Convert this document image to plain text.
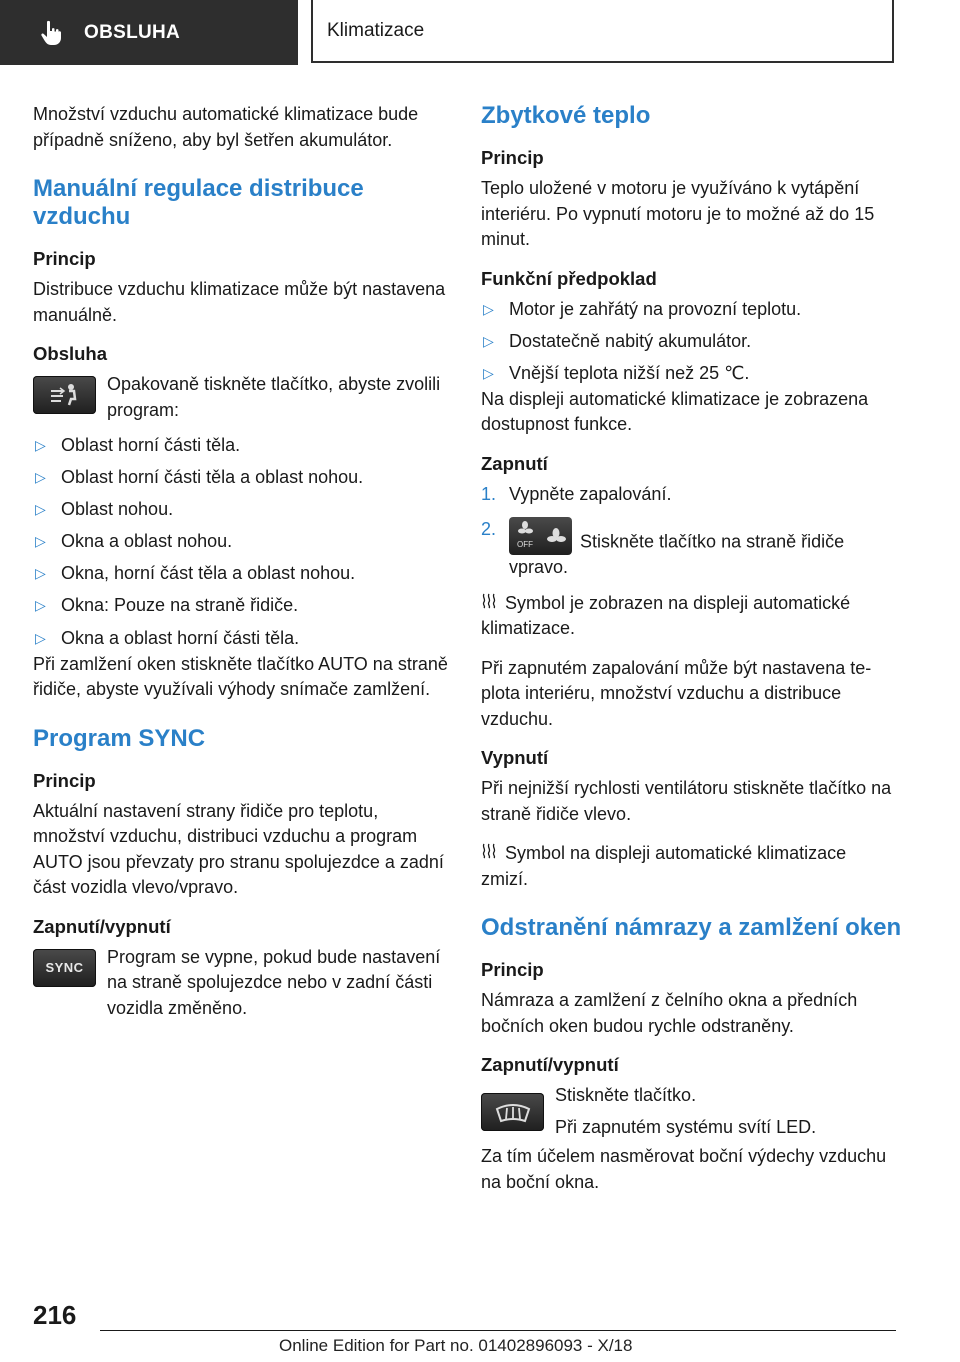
OBSLUHA	Klimatizace

Množství vzduchu automatické klimatizace bude případně sníženo, aby byl šetřen akumulátor.

Manuální regulace distribuce vzduchu
Princip

Distribuce vzduchu klimatizace může být nastavena manuálně.

Obsluha
Opakovaně tiskněte tlačítko, abyste zvolili program:
▷ Oblast horní části těla.
▷ Oblast horní části těla a oblast nohou.
▷ Oblast nohou.
▷ Okna a oblast nohou.
▷ Okna, horní část těla a oblast nohou.
▷ Okna: Pouze na straně řidiče.
▷ Okna a oblast horní části těla.

Při zamlžení oken stiskněte tlačítko AUTO na straně řidiče, abyste využívali výhody snímače zamlžení.

Program SYNC
Princip

Aktuální nastavení strany řidiče pro teplotu, množství vzduchu, distribuci vzduchu a program AUTO jsou převzaty pro stranu spolujezdce a zadní část vozidla vlevo/vpravo.

Zapnutí/vypnutí
SYNC
Program se vypne, pokud bude nastavení na straně spolujezdce nebo v zadní části vozidla změněno.
Zbytkové teplo
Princip

Teplo uložené v motoru je využíváno k vytápění interiéru. Po vypnutí motoru je to možné až do 15 minut.

Funkční předpoklad
▷ Motor je zahřátý na provozní teplotu.
▷ Dostatečně nabitý akumulátor.
▷ Vnější teplota nižší než 25 ℃.

Na displeji automatické klimatizace je zobrazena dostupnost funkce.

Zapnutí
1. Vypněte zapalování.
2.
OFF	Stiskněte tlačítko na straně řidiče vpravo.

Symbol je zobrazen na displeji automatické klimatizace.

Při zapnutém zapalování může být nastavena teplota interiéru, množství vzduchu a distribuce vzduchu.

Vypnutí

Při nejnižší rychlosti ventilátoru stiskněte tlačítko na straně řidiče vlevo.

Symbol na displeji automatické klimatizace zmizí.

Odstranění námrazy a zamlžení oken
Princip

Námraza a zamlžení z čelního okna a předních bočních oken budou rychle odstraněny.

Zapnutí/vypnutí
Stiskněte tlačítko.
Při zapnutém systému svítí LED.

Za tím účelem nasměrovat boční výdechy vzduchu na boční okna.

216
Online Edition for Part no. 01402896093 - X/18
